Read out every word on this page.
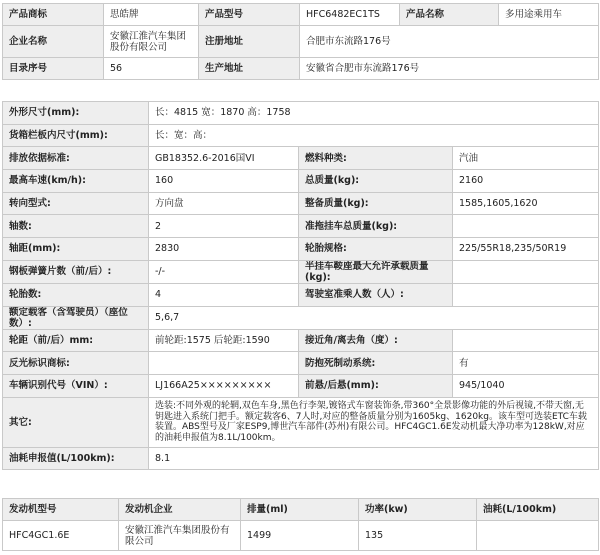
产品商标	思皓牌	产品型号	HFC6482EC1TS	产品名称	多用途乘用车
企业名称	安徽江淮汽车集团股份有限公司	注册地址	合肥市东流路176号		
目录序号	56	生产地址	安徽省合肥市东流路176号		
外形尺寸(mm):	长：4815 宽：1870 高：1758		
货箱栏板内尺寸(mm):	长：宽：高：		
排放依据标准:	GB18352.6-2016国VI	燃料种类:	汽油
最高车速(km/h):	160	总质量(kg):	2160
转向型式:	方向盘	整备质量(kg):	1585,1605,1620
轴数:	2	准拖挂车总质量(kg):	
轴距(mm):	2830	轮胎规格:	225/55R18,235/50R19
钢板弹簧片数（前/后）:	-/-	半挂车鞍座最大允许承载质量(kg):	
轮胎数:	4	驾驶室准乘人数（人）:	
额定载客（含驾驶员）（座位数）:	5,6,7		
轮距（前/后）mm:	前轮距:1575 后轮距:1590	接近角/离去角（度）:	
反光标识商标:		防抱死制动系统:	有
车辆识别代号（VIN）:	LJ166A25×××××××××	前悬/后悬(mm):	945/1040
其它:	选装:不同外观的轮辋,双色车身,黑色行李架,镀铬式车窗装饰条,带360°全景影像功能的外后视镜,不带天窗,无钥匙进入系统门把手。额定载客6、7人时,对应的整备质量分别为1605kg、1620kg。该车型可选装ETC车载装置。ABS型号及厂家ESP9,博世汽车部件(苏州)有限公司。HFC4GC1.6E发动机最大净功率为128kW,对应的油耗申报值为8.1L/100km。		
油耗申报值(L/100km):	8.1		
发动机型号	发动机企业	排量(ml)	功率(kw)	油耗(L/100km)
HFC4GC1.6E	安徽江淮汽车集团股份有限公司	1499	135	
